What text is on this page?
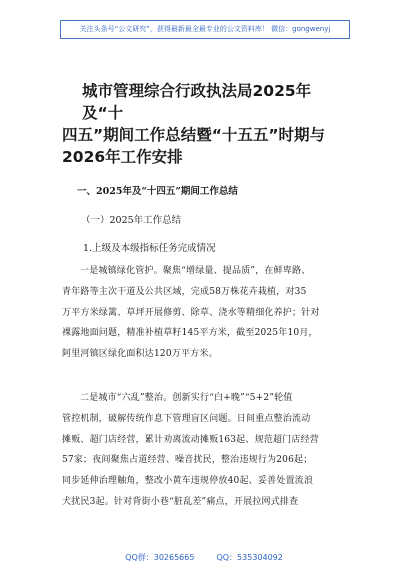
关注头条号“公文研究”，获得最新最全最专业的公文资料库！ 微信：gongwenyj
城市管理综合行政执法局2025年及“十
四五”期间工作总结暨“十五五”时期与
2026年工作安排
一、2025年及“十四五”期间工作总结
（一）2025年工作总结
1.上级及本级指标任务完成情况
一是城镇绿化管护。聚焦“增绿量、提品质”，在鲜卑路、
青年路等主次干道及公共区域，完成58万株花卉栽植，对35
万平方米绿篱、草坪开展修剪、除草、浇水等精细化养护；针对
裸露地面问题，精准补植草籽145平方米，截至2025年10月，
阿里河镇区绿化面积达120万平方米。
二是城市“六乱”整治。创新实行“白+晚”“5+2”轮值
管控机制，破解传统作息下管理盲区问题。日间重点整治流动
摊贩、超门店经营，累计劝离流动摊贩163起、规范超门店经营
57家；夜间聚焦占道经营、噪音扰民，整治违规行为206起；
同步延伸治理触角，整改小黄车违规停放40起、妥善处置流浪
犬扰民3起。针对背街小巷“脏乱差”痛点，开展拉网式排查
QQ群：30265665	QQ：535304092
